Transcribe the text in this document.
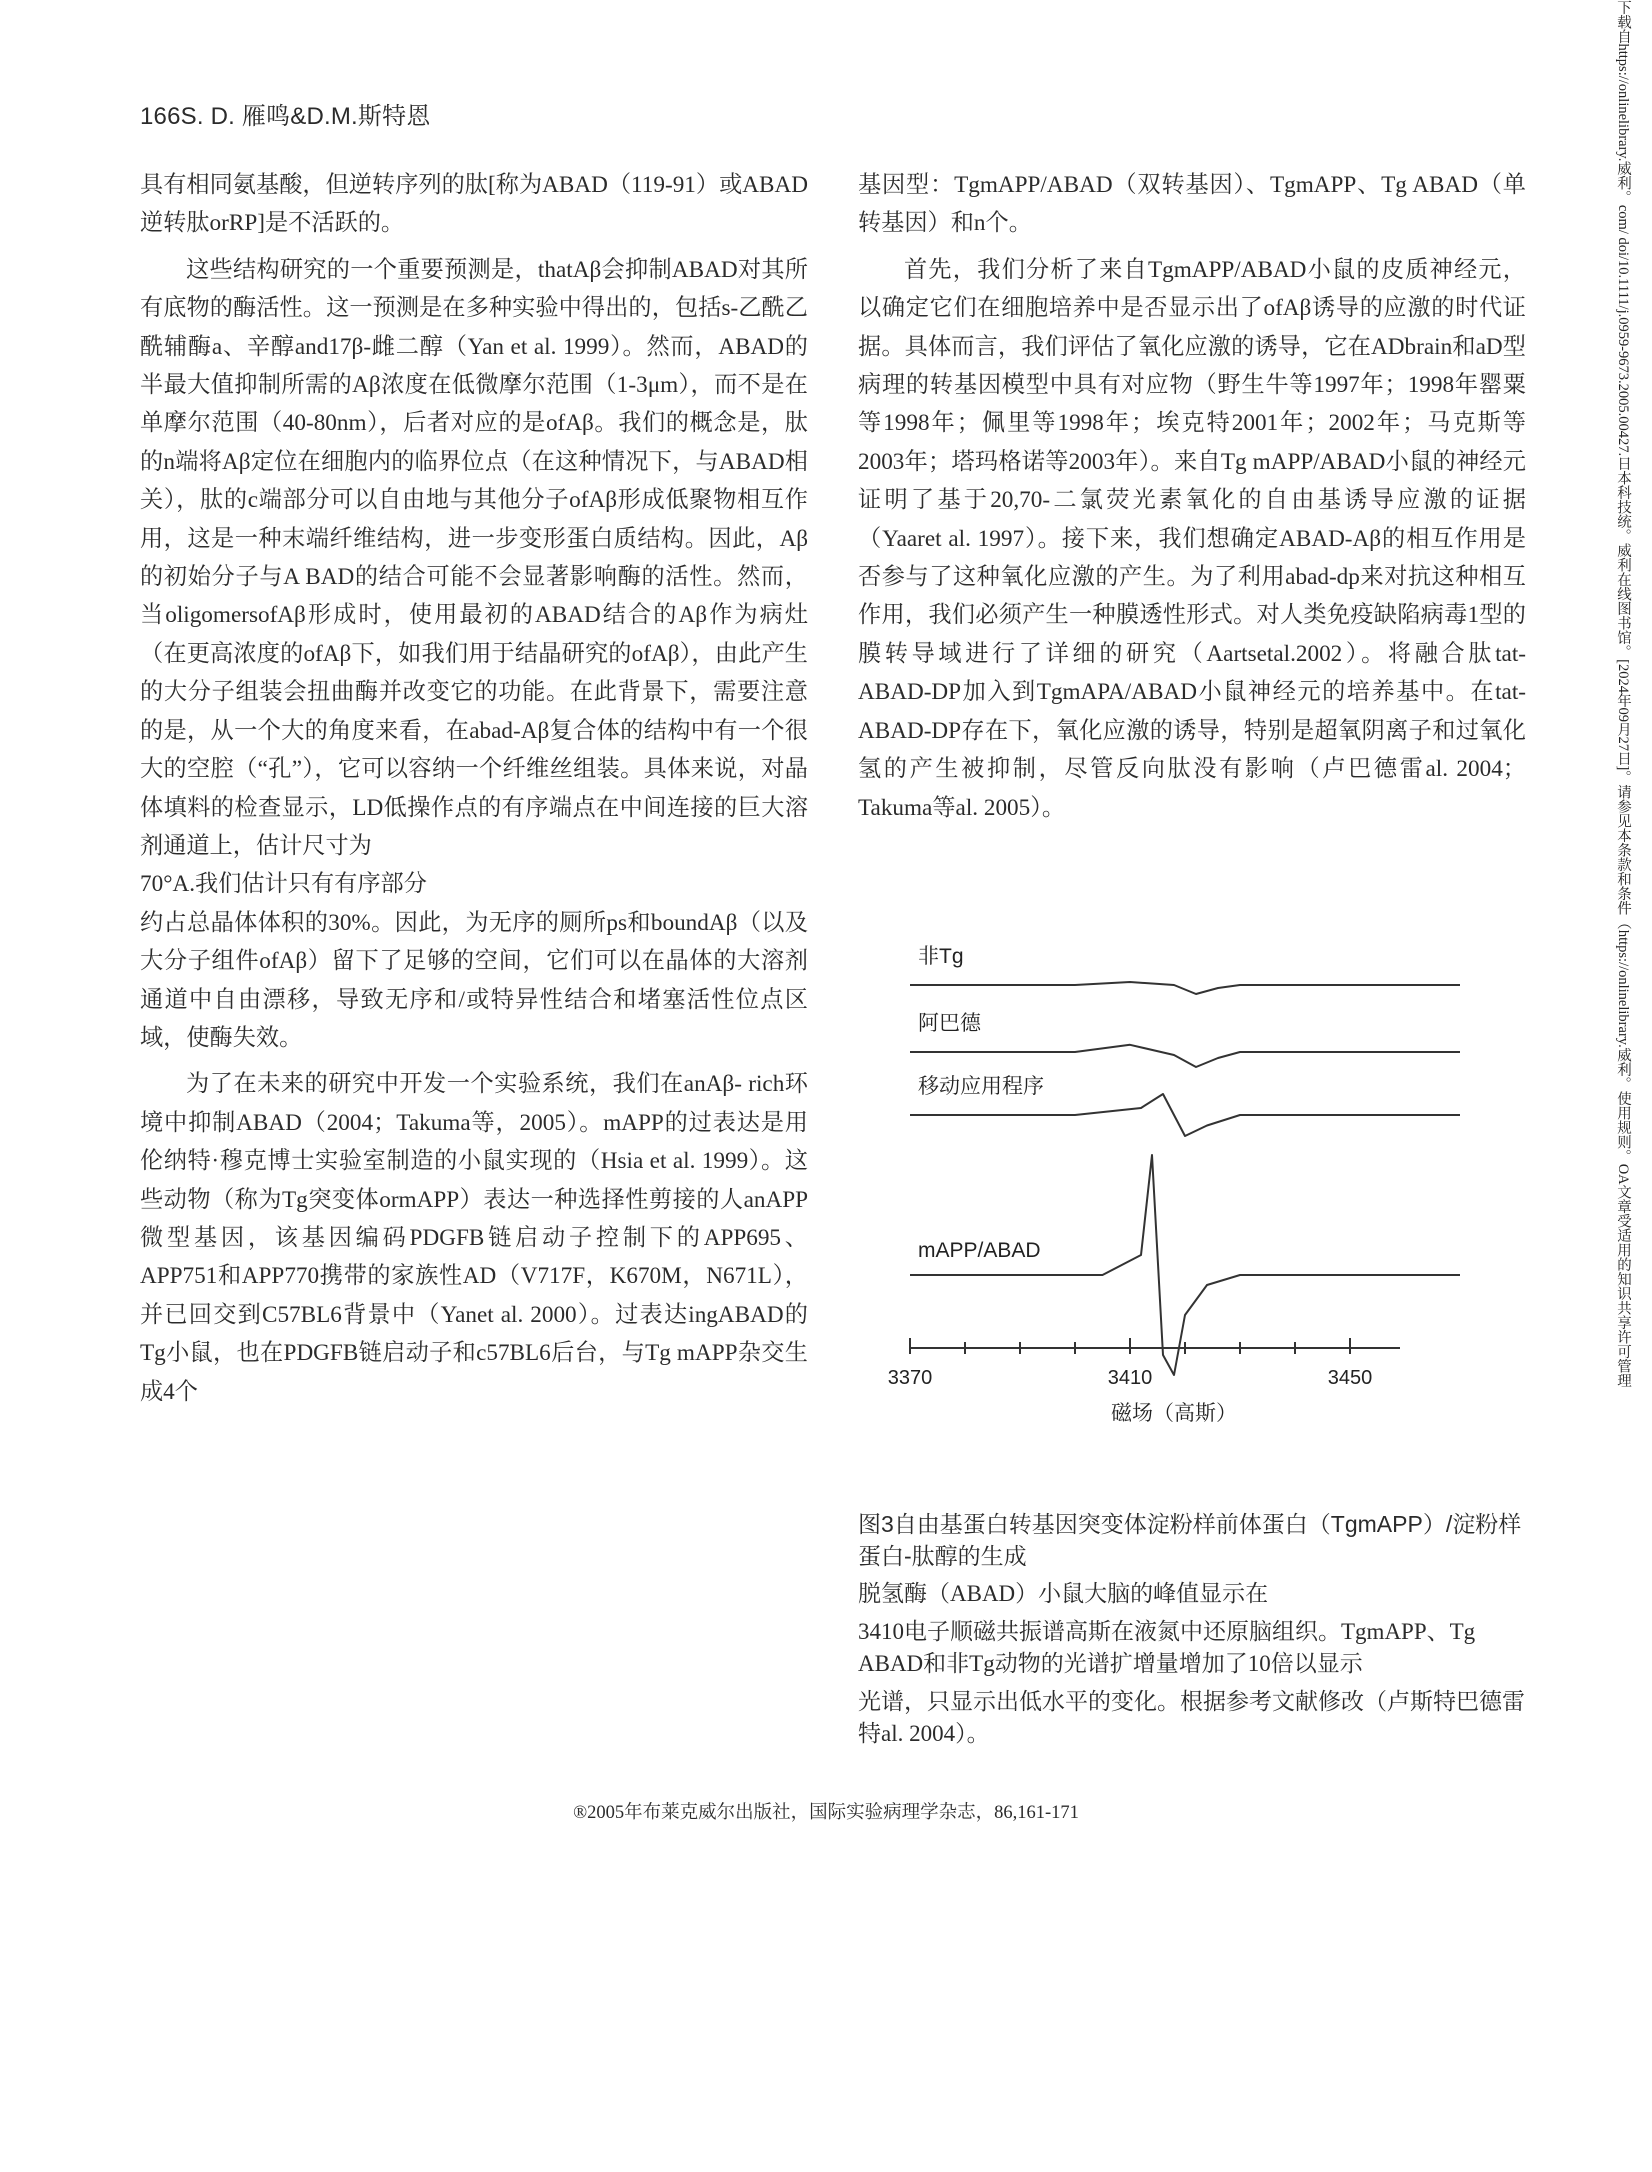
166S. D. 雁鸣&D.M.斯特恩

具有相同氨基酸，但逆转序列的肽[称为ABAD（119-91）或ABAD逆转肽orRP]是不活跃的。

这些结构研究的一个重要预测是，thatAβ会抑制ABAD对其所有底物的酶活性。这一预测是在多种实验中得出的，包括s-乙酰乙酰辅酶a、辛醇and17β-雌二醇（Yan et al. 1999）。然而，ABAD的半最大值抑制所需的Aβ浓度在低微摩尔范围（1-3μm），而不是在单摩尔范围（40-80nm），后者对应的是ofAβ。我们的概念是，肽的n端将Aβ定位在细胞内的临界位点（在这种情况下，与ABAD相关），肽的c端部分可以自由地与其他分子ofAβ形成低聚物相互作用，这是一种末端纤维结构，进一步变形蛋白质结构。因此，Aβ的初始分子与A BAD的结合可能不会显著影响酶的活性。然而，当oligomersofAβ形成时，使用最初的ABAD结合的Aβ作为病灶（在更高浓度的ofAβ下，如我们用于结晶研究的ofAβ），由此产生的大分子组装会扭曲酶并改变它的功能。在此背景下，需要注意的是，从一个大的角度来看，在abad-Aβ复合体的结构中有一个很大的空腔（“孔”），它可以容纳一个纤维丝组装。具体来说，对晶体填料的检查显示，LD低操作点的有序端点在中间连接的巨大溶剂通道上，估计尺寸为

70°A.我们估计只有有序部分

约占总晶体体积的30%。因此，为无序的厕所ps和boundAβ（以及大分子组件ofAβ）留下了足够的空间，它们可以在晶体的大溶剂通道中自由漂移，导致无序和/或特异性结合和堵塞活性位点区域，使酶失效。

为了在未来的研究中开发一个实验系统，我们在anAβ- rich环境中抑制ABAD（2004；Takuma等，2005）。mAPP的过表达是用伦纳特·穆克博士实验室制造的小鼠实现的（Hsia et al. 1999）。这些动物（称为Tg突变体ormAPP）表达一种选择性剪接的人anAPP微型基因，该基因编码PDGFB链启动子控制下的APP695、APP751和APP770携带的家族性AD（V717F，K670M，N671L），并已回交到C57BL6背景中（Yanet al. 2000）。过表达ingABAD的Tg小鼠，也在PDGFB链启动子和c57BL6后台，与Tg mAPP杂交生成4个

基因型：TgmAPP/ABAD（双转基因）、TgmAPP、Tg ABAD（单转基因）和n个。

首先，我们分析了来自TgmAPP/ABAD小鼠的皮质神经元，以确定它们在细胞培养中是否显示出了ofAβ诱导的应激的时代证据。具体而言，我们评估了氧化应激的诱导，它在ADbrain和aD型病理的转基因模型中具有对应物（野生牛等1997年；1998年罂粟等1998年；佩里等1998年；埃克特2001年；2002年；马克斯等2003年；塔玛格诺等2003年）。来自Tg mAPP/ABAD小鼠的神经元证明了基于20,70-二氯荧光素氧化的自由基诱导应激的证据（Yaaret al. 1997）。接下来，我们想确定ABAD-Aβ的相互作用是否参与了这种氧化应激的产生。为了利用abad-dp来对抗这种相互作用，我们必须产生一种膜透性形式。对人类免疫缺陷病毒1型的膜转导域进行了详细的研究（Aartsetal.2002）。将融合肽tat-ABAD-DP加入到TgmAPA/ABAD小鼠神经元的培养基中。在tat-ABAD-DP存在下，氧化应激的诱导，特别是超氧阴离子和过氧化氢的产生被抑制，尽管反向肽没有影响（卢巴德雷al. 2004；Takuma等al. 2005）。

非Tg
阿巴德
移动应用程序
mAPP/ABAD
3370	3410	3450
磁场（高斯）

图3自由基蛋白转基因突变体淀粉样前体蛋白（TgmAPP）/淀粉样蛋白-肽醇的生成

脱氢酶（ABAD）小鼠大脑的峰值显示在

3410电子顺磁共振谱高斯在液氮中还原脑组织。TgmAPP、Tg ABAD和非Tg动物的光谱扩增量增加了10倍以显示

光谱，只显示出低水平的变化。根据参考文献修改（卢斯特巴德雷特al. 2004）。

®2005年布莱克威尔出版社，国际实验病理学杂志，86,161-171
下载自https://onlinelibrary.威利。com/ doi/10.1111/j.0959-9673.2005.00427.日本科技统。威利在线图书馆。[2024年09月27日]。请参见本条款和条件（https://onlinelibrary.威利。使用规则。OA文章受适用的知识共享许可管理
